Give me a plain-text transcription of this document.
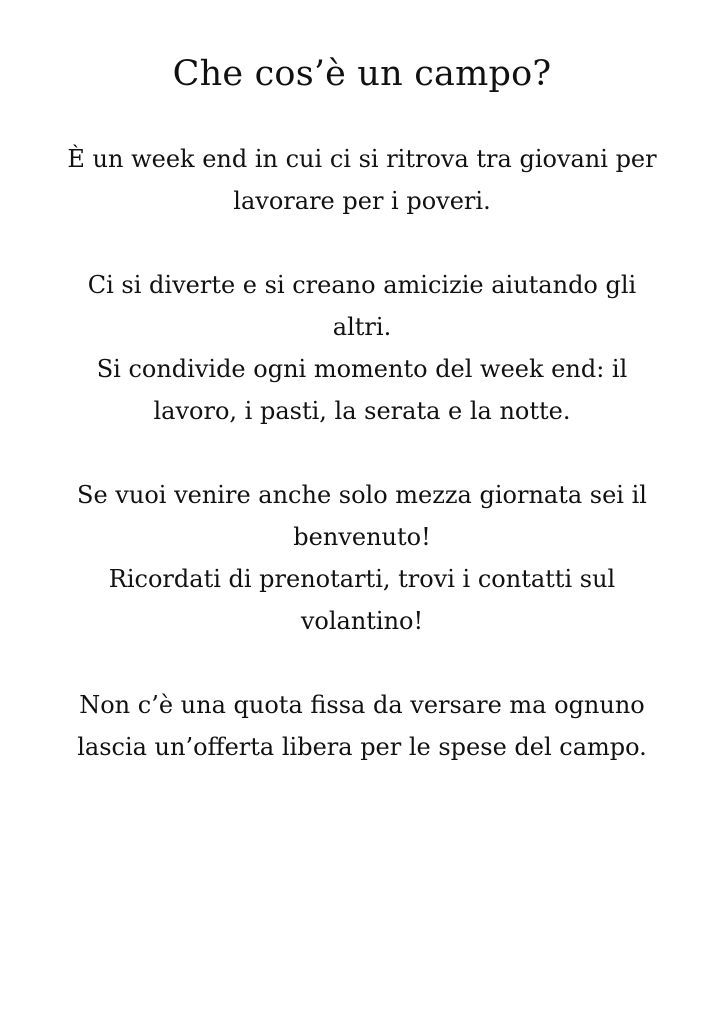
Che cos’è un campo?

È un week end in cui ci si ritrova tra giovani per
lavorare per i poveri.

Ci si diverte e si creano amicizie aiutando gli
altri.
Si condivide ogni momento del week end: il
lavoro, i pasti, la serata e la notte.

Se vuoi venire anche solo mezza giornata sei il
benvenuto!
Ricordati di prenotarti, trovi i contatti sul
volantino!

Non c’è una quota fissa da versare ma ognuno
lascia un’offerta libera per le spese del campo.
